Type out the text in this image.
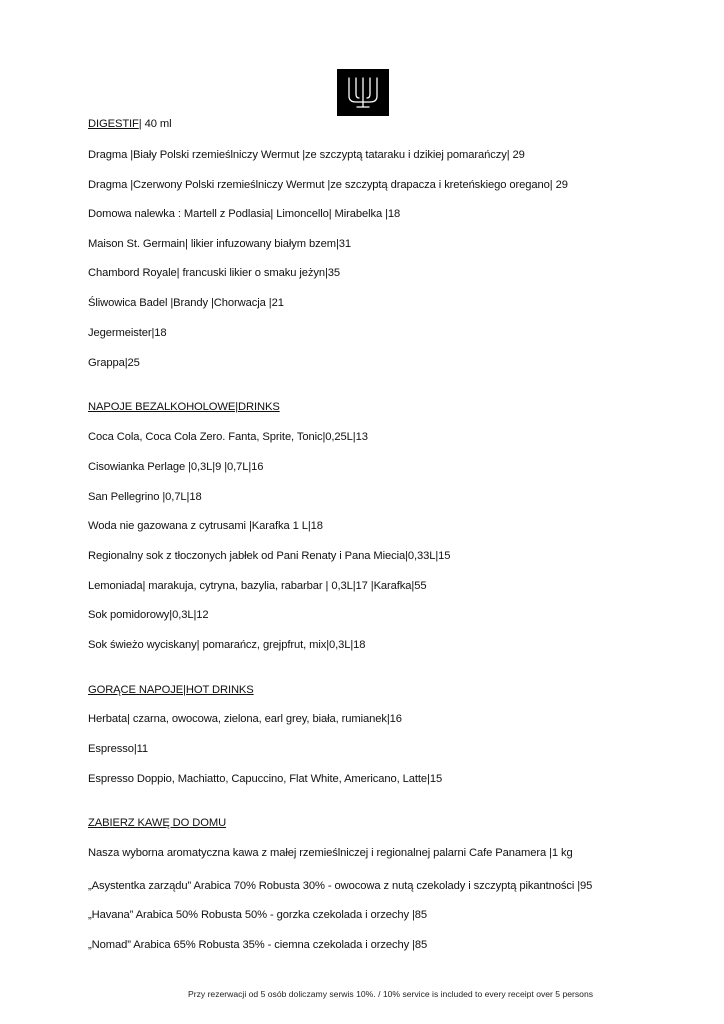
DIGESTIF| 40 ml
Dragma |Biały Polski rzemieślniczy Wermut |ze szczyptą tataraku i dzikiej pomarańczy| 29
Dragma |Czerwony Polski rzemieślniczy Wermut |ze szczyptą drapacza i kreteńskiego oregano| 29
Domowa nalewka : Martell z Podlasia| Limoncello| Mirabelka |18
Maison St. Germain| likier infuzowany białym bzem|31
Chambord Royale| francuski likier o smaku jeżyn|35
Śliwowica Badel |Brandy |Chorwacja |21
Jegermeister|18
Grappa|25
NAPOJE BEZALKOHOLOWE|DRINKS
Coca Cola, Coca Cola Zero. Fanta, Sprite, Tonic|0,25L|13
Cisowianka Perlage |0,3L|9 |0,7L|16
San Pellegrino |0,7L|18
Woda nie gazowana z cytrusami |Karafka 1 L|18
Regionalny sok z tłoczonych jabłek od Pani Renaty i Pana Miecia|0,33L|15
Lemoniada| marakuja, cytryna, bazylia, rabarbar | 0,3L|17 |Karafka|55
Sok pomidorowy|0,3L|12
Sok świeżo wyciskany| pomarańcz, grejpfrut, mix|0,3L|18
GORĄCE NAPOJE|HOT DRINKS
Herbata| czarna, owocowa, zielona, earl grey, biała, rumianek|16
Espresso|11
Espresso Doppio, Machiatto, Capuccino, Flat White, Americano, Latte|15
ZABIERZ KAWĘ DO DOMU
Nasza wyborna aromatyczna kawa z małej rzemieślniczej i regionalnej palarni Cafe Panamera |1 kg
„Asystentka zarządu” Arabica 70% Robusta 30% - owocowa z nutą czekolady i szczyptą pikantności |95
„Havana” Arabica 50% Robusta 50% - gorzka czekolada i orzechy |85
„Nomad” Arabica 65% Robusta 35% - ciemna czekolada i orzechy |85
Przy rezerwacji od 5 osób doliczamy serwis 10%. / 10% service is included to every receipt over 5 persons
